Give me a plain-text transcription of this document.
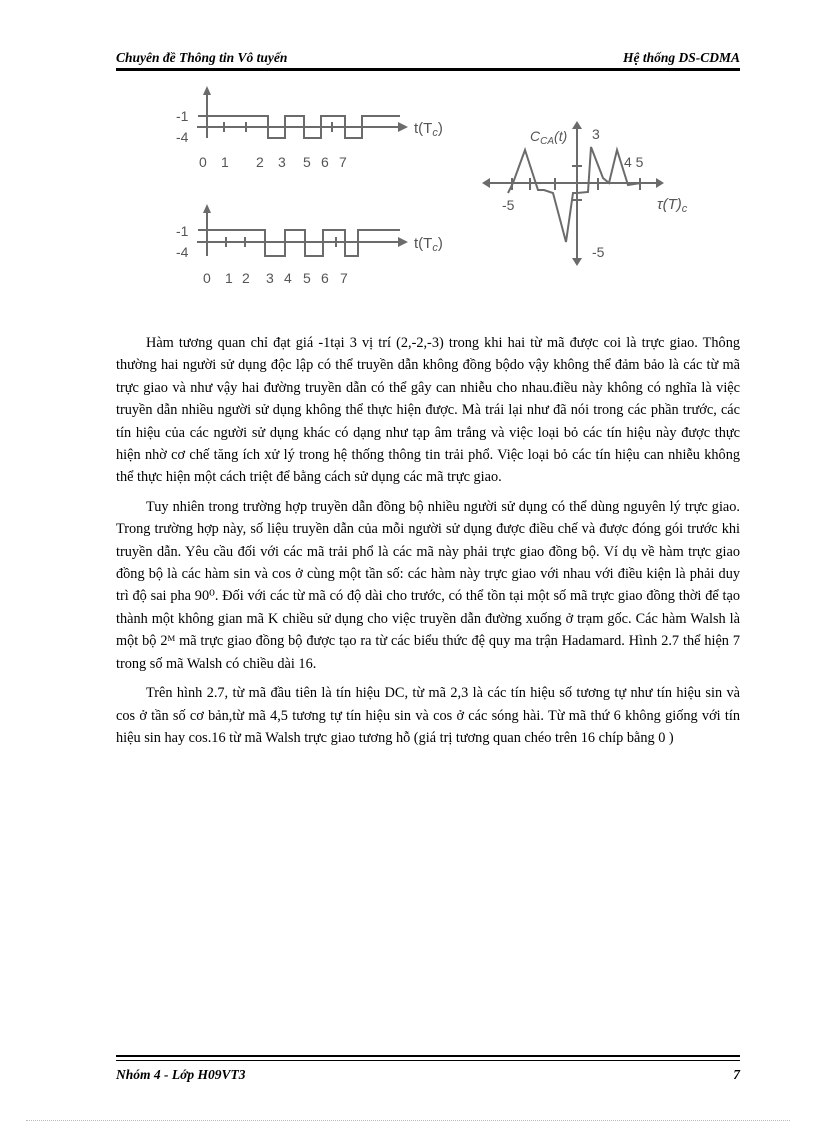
Chuyên đề Thông tin Vô tuyến	Hệ thống DS-CDMA
-1
-4	$t(T_c)$
0 1 2 3 5 6 7
-1
-4	$t(T_c)$
0 1 2 3 4 5 6 7
$C_{CA}(t)$ 3
4 5
-5
-5
$\tau(T)_c$

Hàm tương quan chỉ đạt giá -1tại 3 vị trí (2,-2,-3) trong khi hai từ mã được coi là trực giao. Thông thường hai người sử dụng độc lập có thể truyền dẫn không đồng bộdo vậy không thể đảm bảo là các từ mã trực giao và như vậy hai đường truyền dẫn có thể gây can nhiễu cho nhau.điều này không có nghĩa là việc truyền dẫn nhiều người sử dụng không thể thực hiện được. Mà trái lại như đã nói trong các phần trước, các tín hiệu của các người sử dụng khác có dạng như tạp âm trắng và việc loại bỏ các tín hiệu này được thực hiện nhờ cơ chế tăng ích xử lý trong hệ thống thông tin trải phổ. Việc loại bỏ các tín hiệu can nhiễu không thể thực hiện một cách triệt để bằng cách sử dụng các mã trực giao.

Tuy nhiên trong trường hợp truyền dẫn đồng bộ nhiều người sử dụng có thể dùng nguyên lý trực giao. Trong trường hợp này, số liệu truyền dẫn của mỗi người sử dụng được điều chế và được đóng gói trước khi truyền dẫn. Yêu cầu đối với các mã trải phổ là các mã này phải trực giao đồng bộ. Ví dụ về hàm trực giao đồng bộ là các hàm sin và cos ở cùng một tần số: các hàm này trực giao với nhau với điều kiện là phải duy trì độ sai pha 90⁰. Đối với các từ mã có độ dài cho trước, có thể tồn tại một số mã trực giao đồng thời để tạo thành một không gian mã K chiều sử dụng cho việc truyền dẫn đường xuống ở trạm gốc. Các hàm Walsh là một bộ 2ᴹ mã trực giao đồng bộ được tạo ra từ các biểu thức đệ quy ma trận Hadamard. Hình 2.7 thể hiện 7 trong số mã Walsh có chiều dài 16.

Trên hình 2.7, từ mã đầu tiên là tín hiệu DC, từ mã 2,3 là các tín hiệu số tương tự như tín hiệu sin và cos ở tần số cơ bản,từ mã 4,5 tương tự tín hiệu sin và cos ở các sóng hài. Từ mã thứ 6 không giống với tín hiệu sin hay cos.16 từ mã Walsh trực giao tương hỗ (giá trị tương quan chéo trên 16 chíp bằng 0 )

Nhóm 4 - Lớp H09VT3	7
